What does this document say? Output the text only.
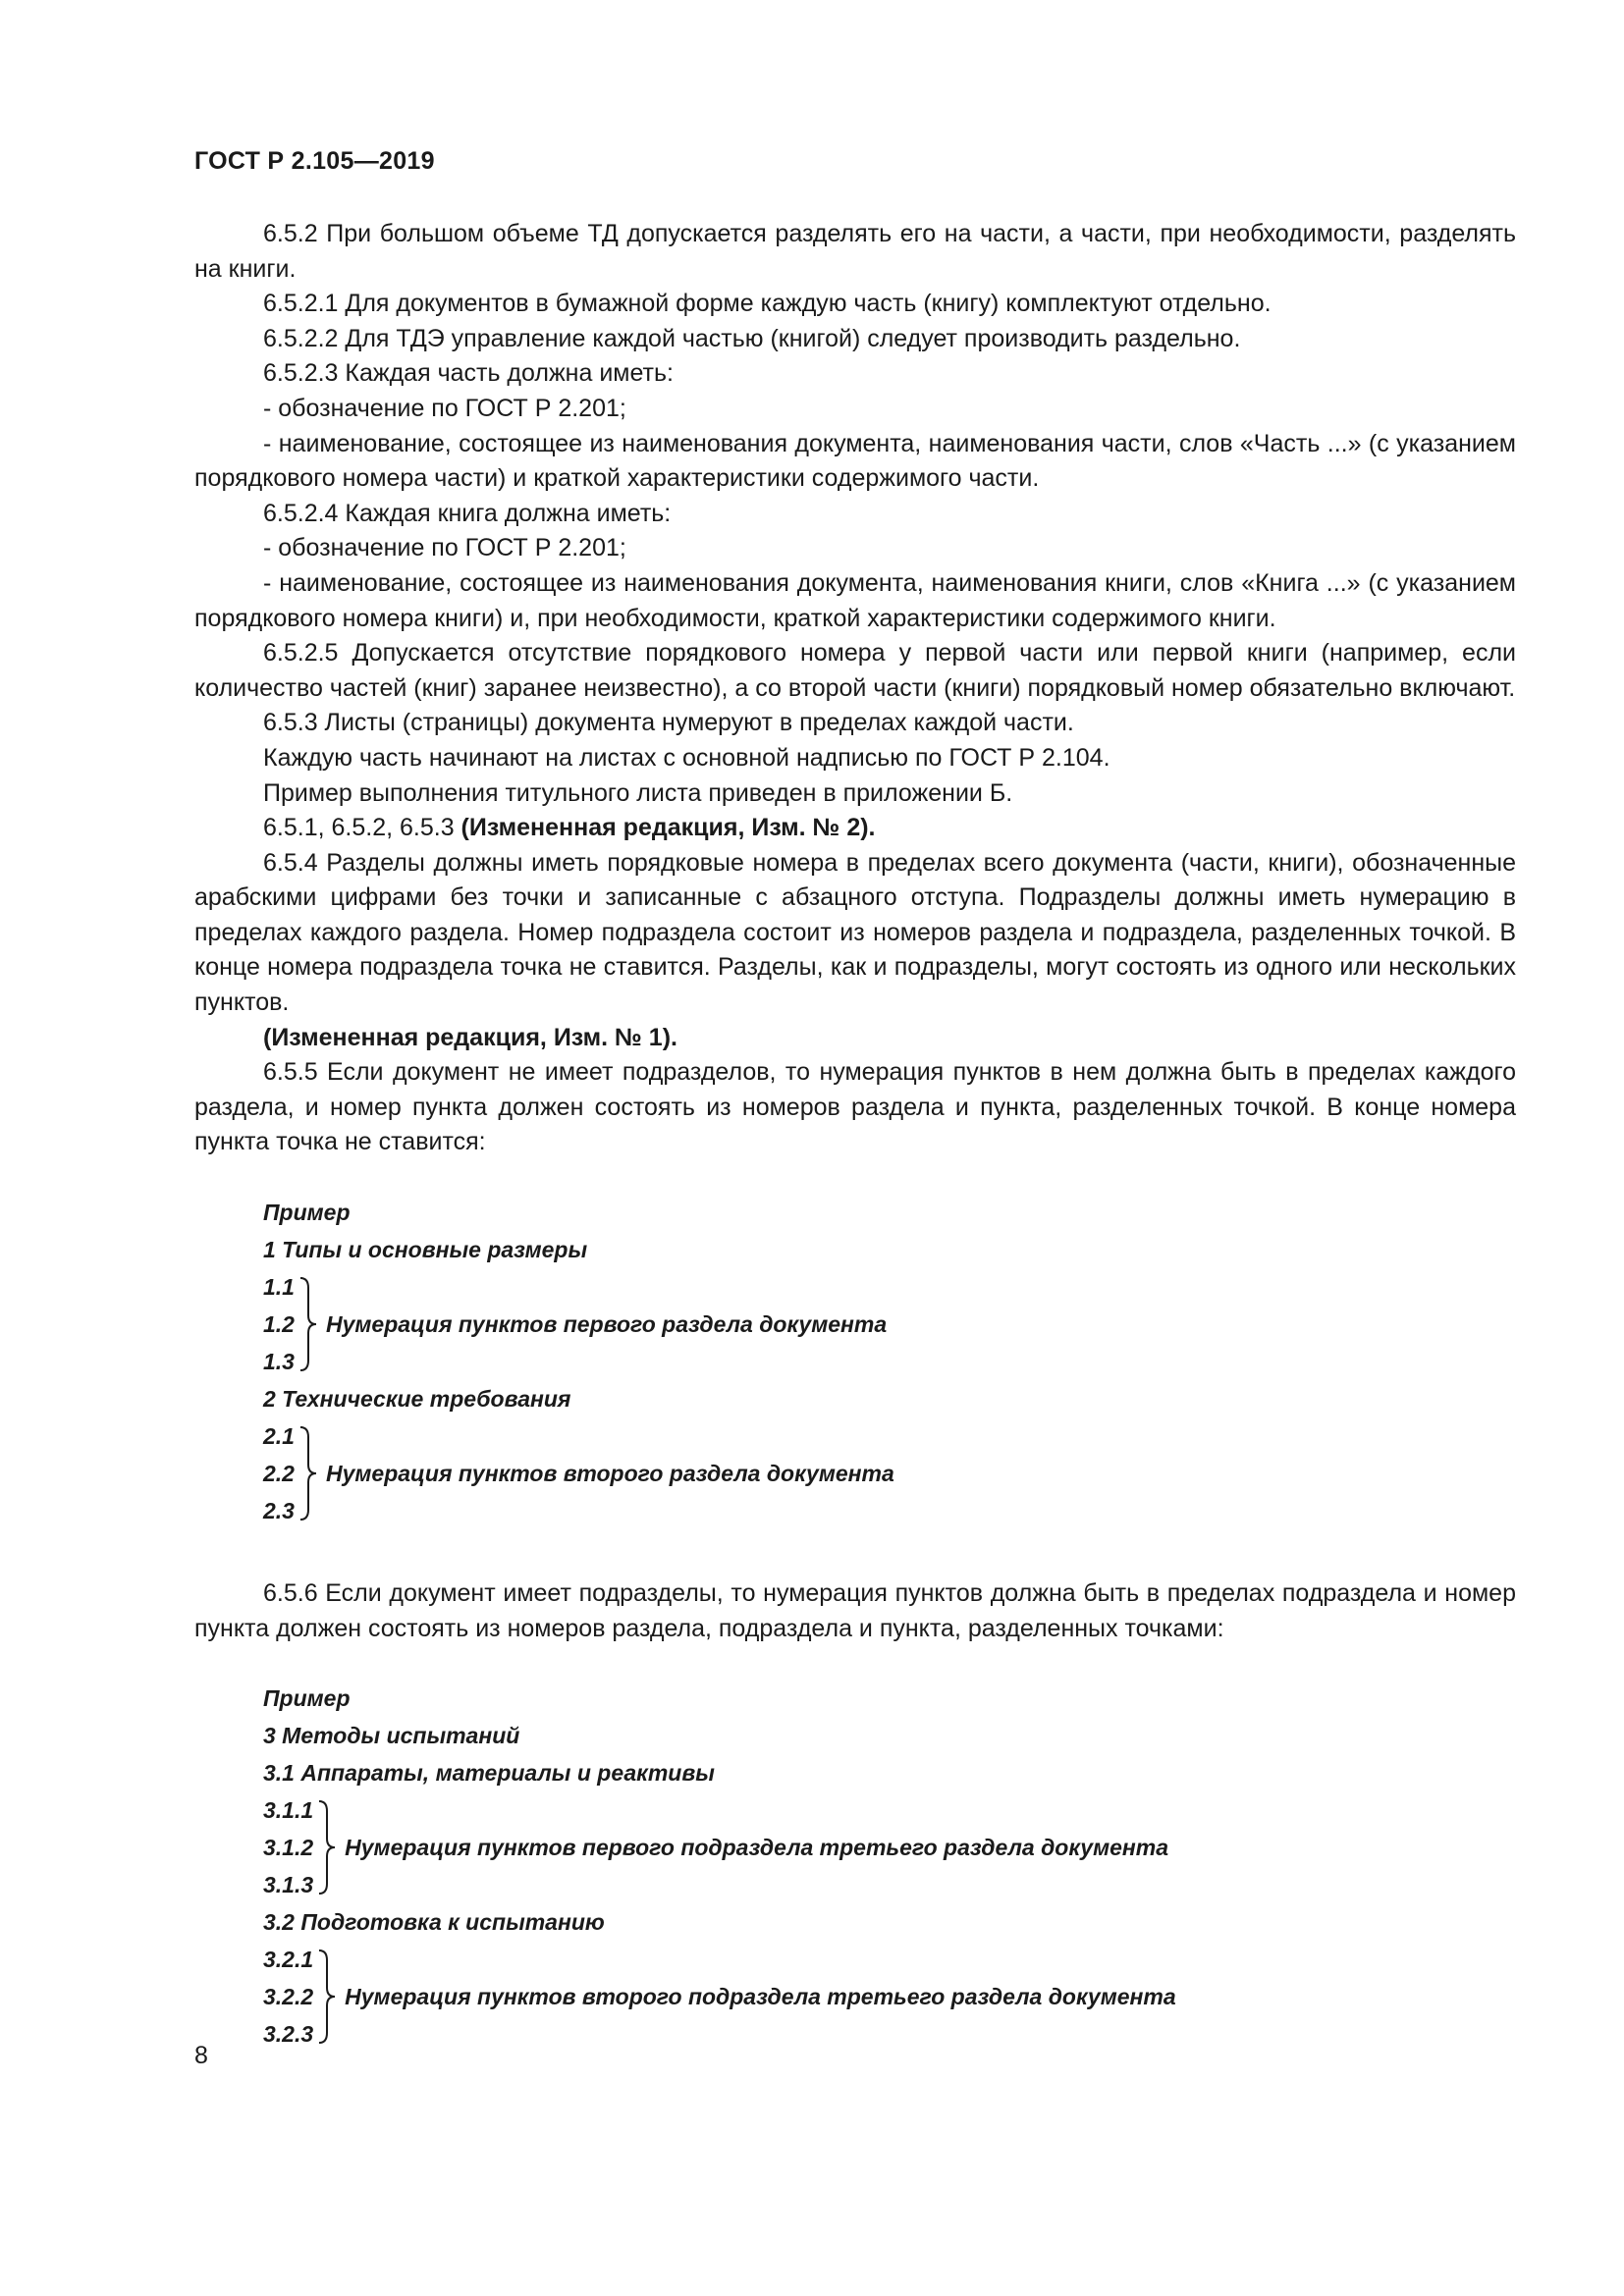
ГОСТ Р 2.105—2019

6.5.2 При большом объеме ТД допускается разделять его на части, а части, при необходимости, разделять на книги.

6.5.2.1 Для документов в бумажной форме каждую часть (книгу) комплектуют отдельно.

6.5.2.2 Для ТДЭ управление каждой частью (книгой) следует производить раздельно.

6.5.2.3 Каждая часть должна иметь:

- обозначение по ГОСТ Р 2.201;

- наименование, состоящее из наименования документа, наименования части, слов «Часть ...» (с указанием порядкового номера части) и краткой характеристики содержимого части.

6.5.2.4 Каждая книга должна иметь:

- обозначение по ГОСТ Р 2.201;

- наименование, состоящее из наименования документа, наименования книги, слов «Книга ...» (с указанием порядкового номера книги) и, при необходимости, краткой характеристики содержимого книги.

6.5.2.5 Допускается отсутствие порядкового номера у первой части или первой книги (например, если количество частей (книг) заранее неизвестно), а со второй части (книги) порядковый номер обязательно включают.

6.5.3 Листы (страницы) документа нумеруют в пределах каждой части.

Каждую часть начинают на листах с основной надписью по ГОСТ Р 2.104.

Пример выполнения титульного листа приведен в приложении Б.

6.5.1, 6.5.2, 6.5.3 (Измененная редакция, Изм. № 2).

6.5.4 Разделы должны иметь порядковые номера в пределах всего документа (части, книги), обозначенные арабскими цифрами без точки и записанные с абзацного отступа. Подразделы должны иметь нумерацию в пределах каждого раздела. Номер подраздела состоит из номеров раздела и подраздела, разделенных точкой. В конце номера подраздела точка не ставится. Разделы, как и подразделы, могут состоять из одного или нескольких пунктов.

(Измененная редакция, Изм. № 1).

6.5.5 Если документ не имеет подразделов, то нумерация пунктов в нем должна быть в пределах каждого раздела, и номер пункта должен состоять из номеров раздела и пункта, разделенных точкой. В конце номера пункта точка не ставится:

Пример
1 Типы и основные размеры
1.1
1.2
1.3
Нумерация пунктов первого раздела документа
2 Технические требования
2.1
2.2
2.3
Нумерация пунктов второго раздела документа

6.5.6 Если документ имеет подразделы, то нумерация пунктов должна быть в пределах подраздела и номер пункта должен состоять из номеров раздела, подраздела и пункта, разделенных точками:

Пример
3 Методы испытаний
3.1 Аппараты, материалы и реактивы
3.1.1
3.1.2
3.1.3
Нумерация пунктов первого подраздела третьего раздела документа
3.2 Подготовка к испытанию
3.2.1
3.2.2
3.2.3
Нумерация пунктов второго подраздела третьего раздела документа
8
